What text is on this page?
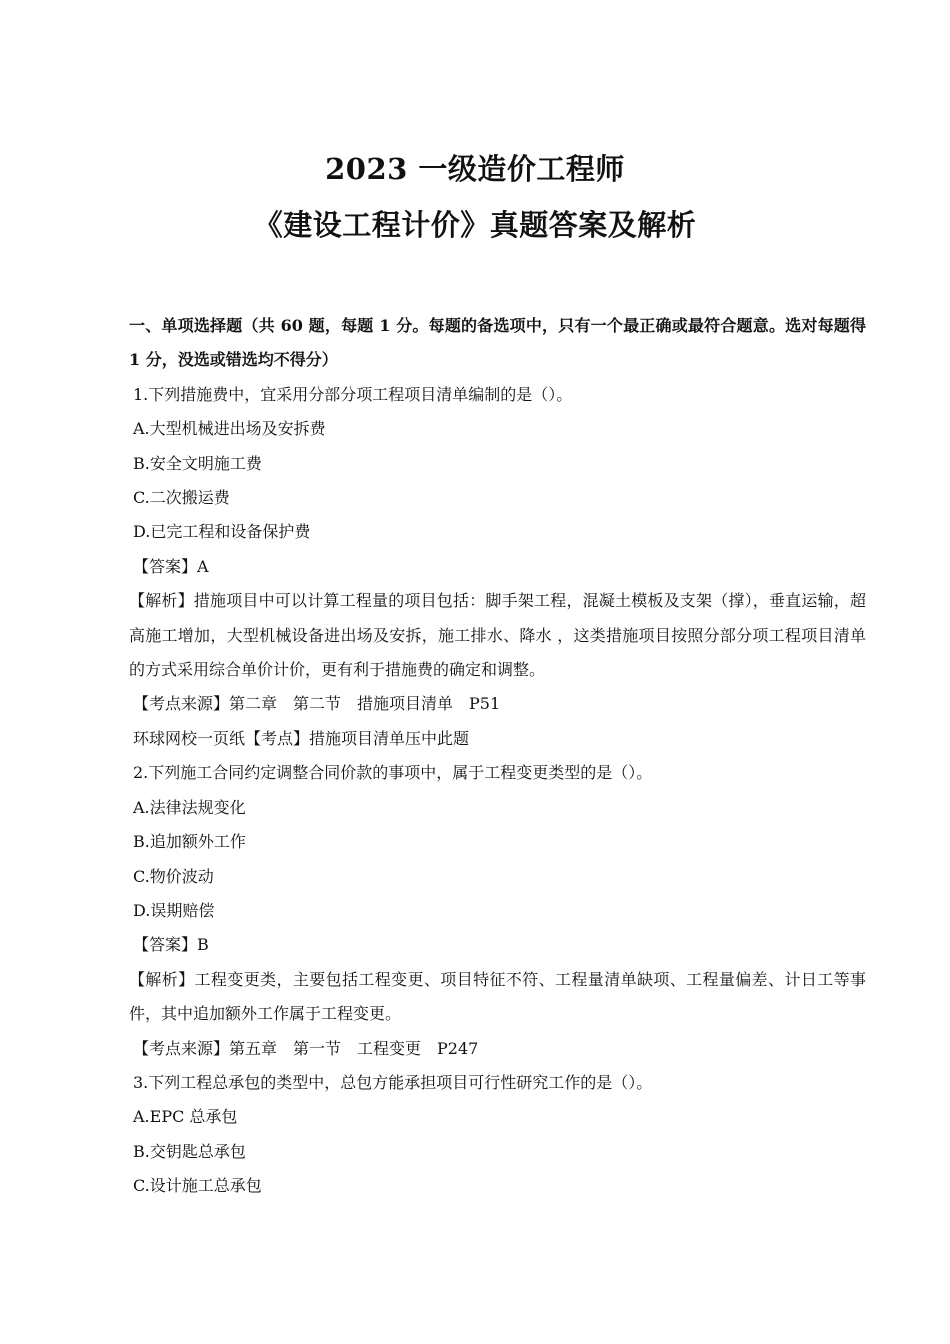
2023 一级造价工程师
《建设工程计价》真题答案及解析

一、单项选择题（共 60 题，每题 1 分。每题的备选项中，只有一个最正确或最符合题意。选对每题得 1 分，没选或错选均不得分）

1.下列措施费中，宜采用分部分项工程项目清单编制的是（）。

A.大型机械进出场及安拆费

B.安全文明施工费

C.二次搬运费

D.已完工程和设备保护费

【答案】A

【解析】措施项目中可以计算工程量的项目包括：脚手架工程，混凝土模板及支架（撑），垂直运输，超高施工增加，大型机械设备进出场及安拆，施工排水、降水 ，这类措施项目按照分部分项工程项目清单的方式采用综合单价计价，更有利于措施费的确定和调整。

【考点来源】第二章　第二节　措施项目清单　P51

环球网校一页纸【考点】措施项目清单压中此题

2.下列施工合同约定调整合同价款的事项中，属于工程变更类型的是（）。

A.法律法规变化

B.追加额外工作

C.物价波动

D.误期赔偿

【答案】B

【解析】工程变更类，主要包括工程变更、项目特征不符、工程量清单缺项、工程量偏差、计日工等事件，其中追加额外工作属于工程变更。

【考点来源】第五章　第一节　工程变更　P247

3.下列工程总承包的类型中，总包方能承担项目可行性研究工作的是（）。

A.EPC 总承包

B.交钥匙总承包

C.设计施工总承包
